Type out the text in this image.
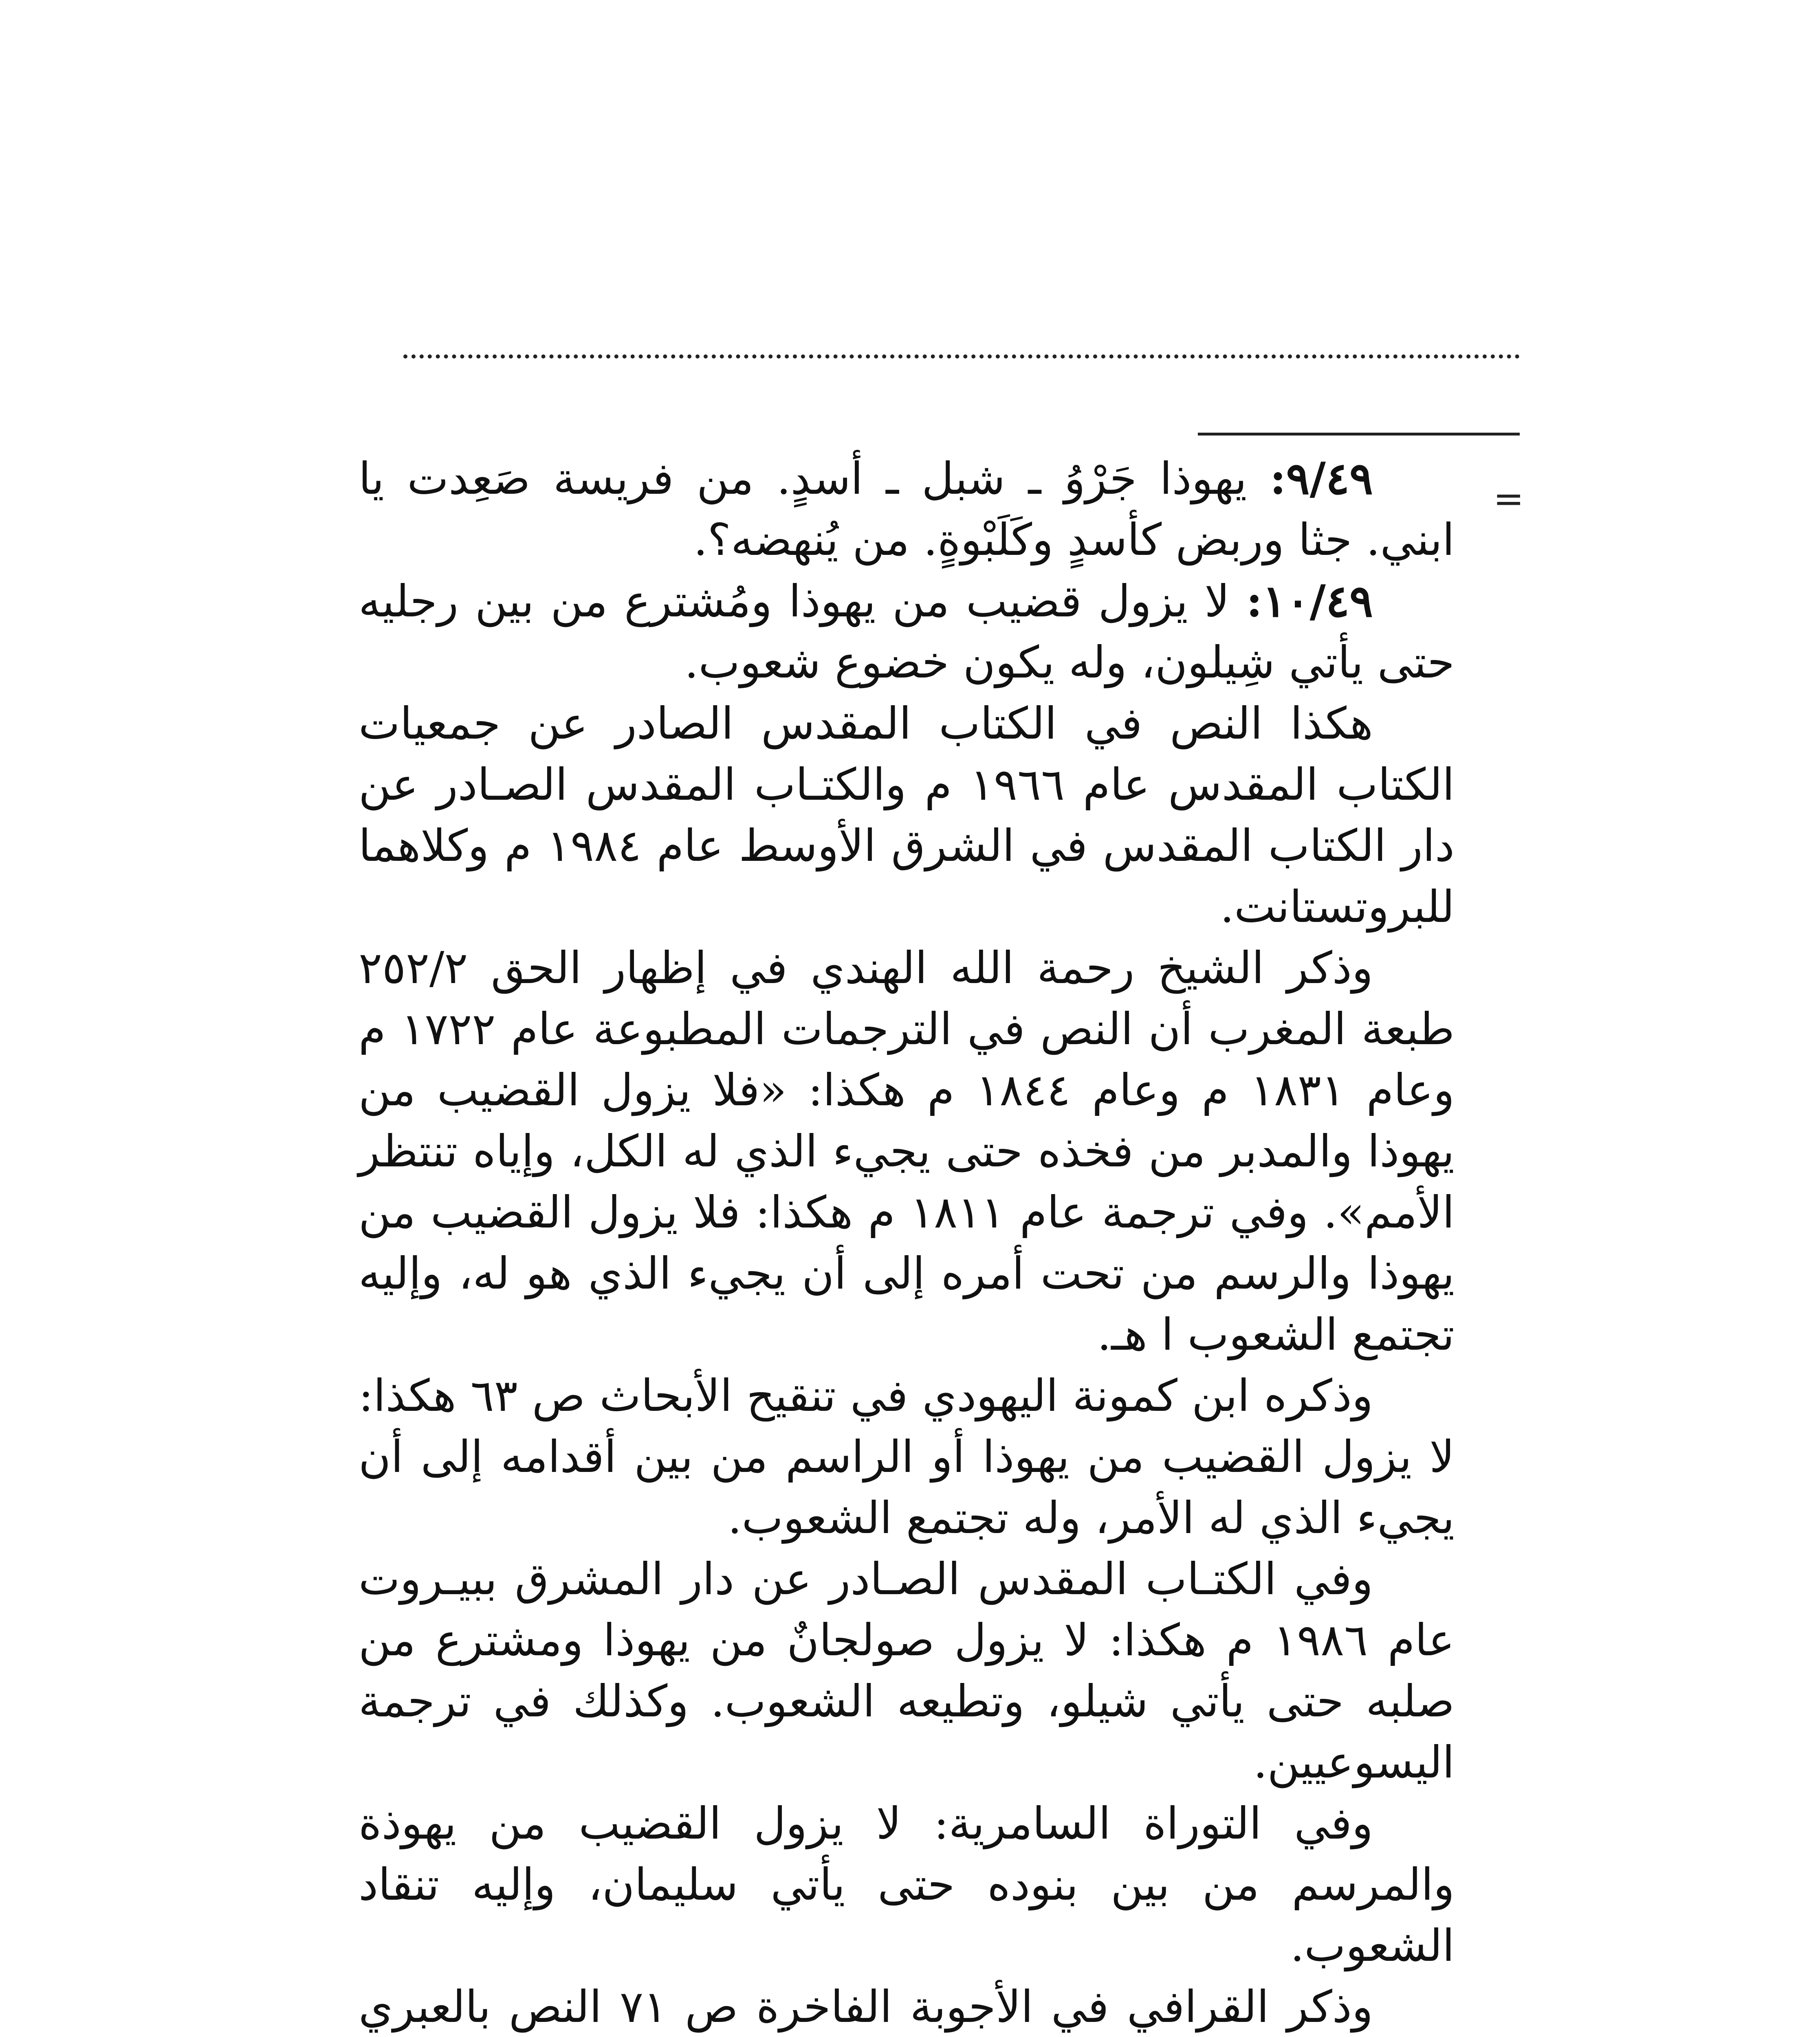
=

٩/٤٩: يهوذا جَرْوُ ـ شبل ـ أسدٍ. من فريسة صَعِدت يا ابني. جثا وربض كأسدٍ وكَلَبْوةٍ. من يُنهضه؟.

١٠/٤٩: لا يزول قضيب من يهوذا ومُشترع من بين رجليه حتى يأتي شِيلون، وله يكون خضوع شعوب.

هكذا النص في الكتاب المقدس الصادر عن جمعيات الكتاب المقدس عام ١٩٦٦ م والكتـاب المقدس الصـادر عن دار الكتاب المقدس في الشرق الأوسط عام ١٩٨٤ م وكلاهما للبروتستانت.

وذكر الشيخ رحمة الله الهندي في إظهار الحق ٢٥٢/٢ طبعة المغرب أن النص في الترجمات المطبوعة عام ١٧٢٢ م وعام ١٨٣١ م وعام ١٨٤٤ م هكذا: «فلا يزول القضيب من يهوذا والمدبر من فخذه حتى يجيء الذي له الكل، وإياه تنتظر الأمم». وفي ترجمة عام ١٨١١ م هكذا: فلا يزول القضيب من يهوذا والرسم من تحت أمره إلى أن يجيء الذي هو له، وإليه تجتمع الشعوب ا هـ.

وذكره ابن كمونة اليهودي في تنقيح الأبحاث ص ٦٣ هكذا: لا يزول القضيب من يهوذا أو الراسم من بين أقدامه إلى أن يجيء الذي له الأمر، وله تجتمع الشعوب.

وفي الكتـاب المقدس الصـادر عن دار المشرق ببيـروت عام ١٩٨٦ م هكذا: لا يزول صولجانٌ من يهوذا ومشترع من صلبه حتى يأتي شيلو، وتطيعه الشعوب. وكذلك في ترجمة اليسوعيين.

وفي التوراة السامرية: لا يزول القضيب من يهوذة والمرسم من بين بنوده حتى يأتي سليمان، وإليه تنقاد الشعوب.

وذكر القرافي في الأجوبة الفاخرة ص ٧١ النص بالعبري
